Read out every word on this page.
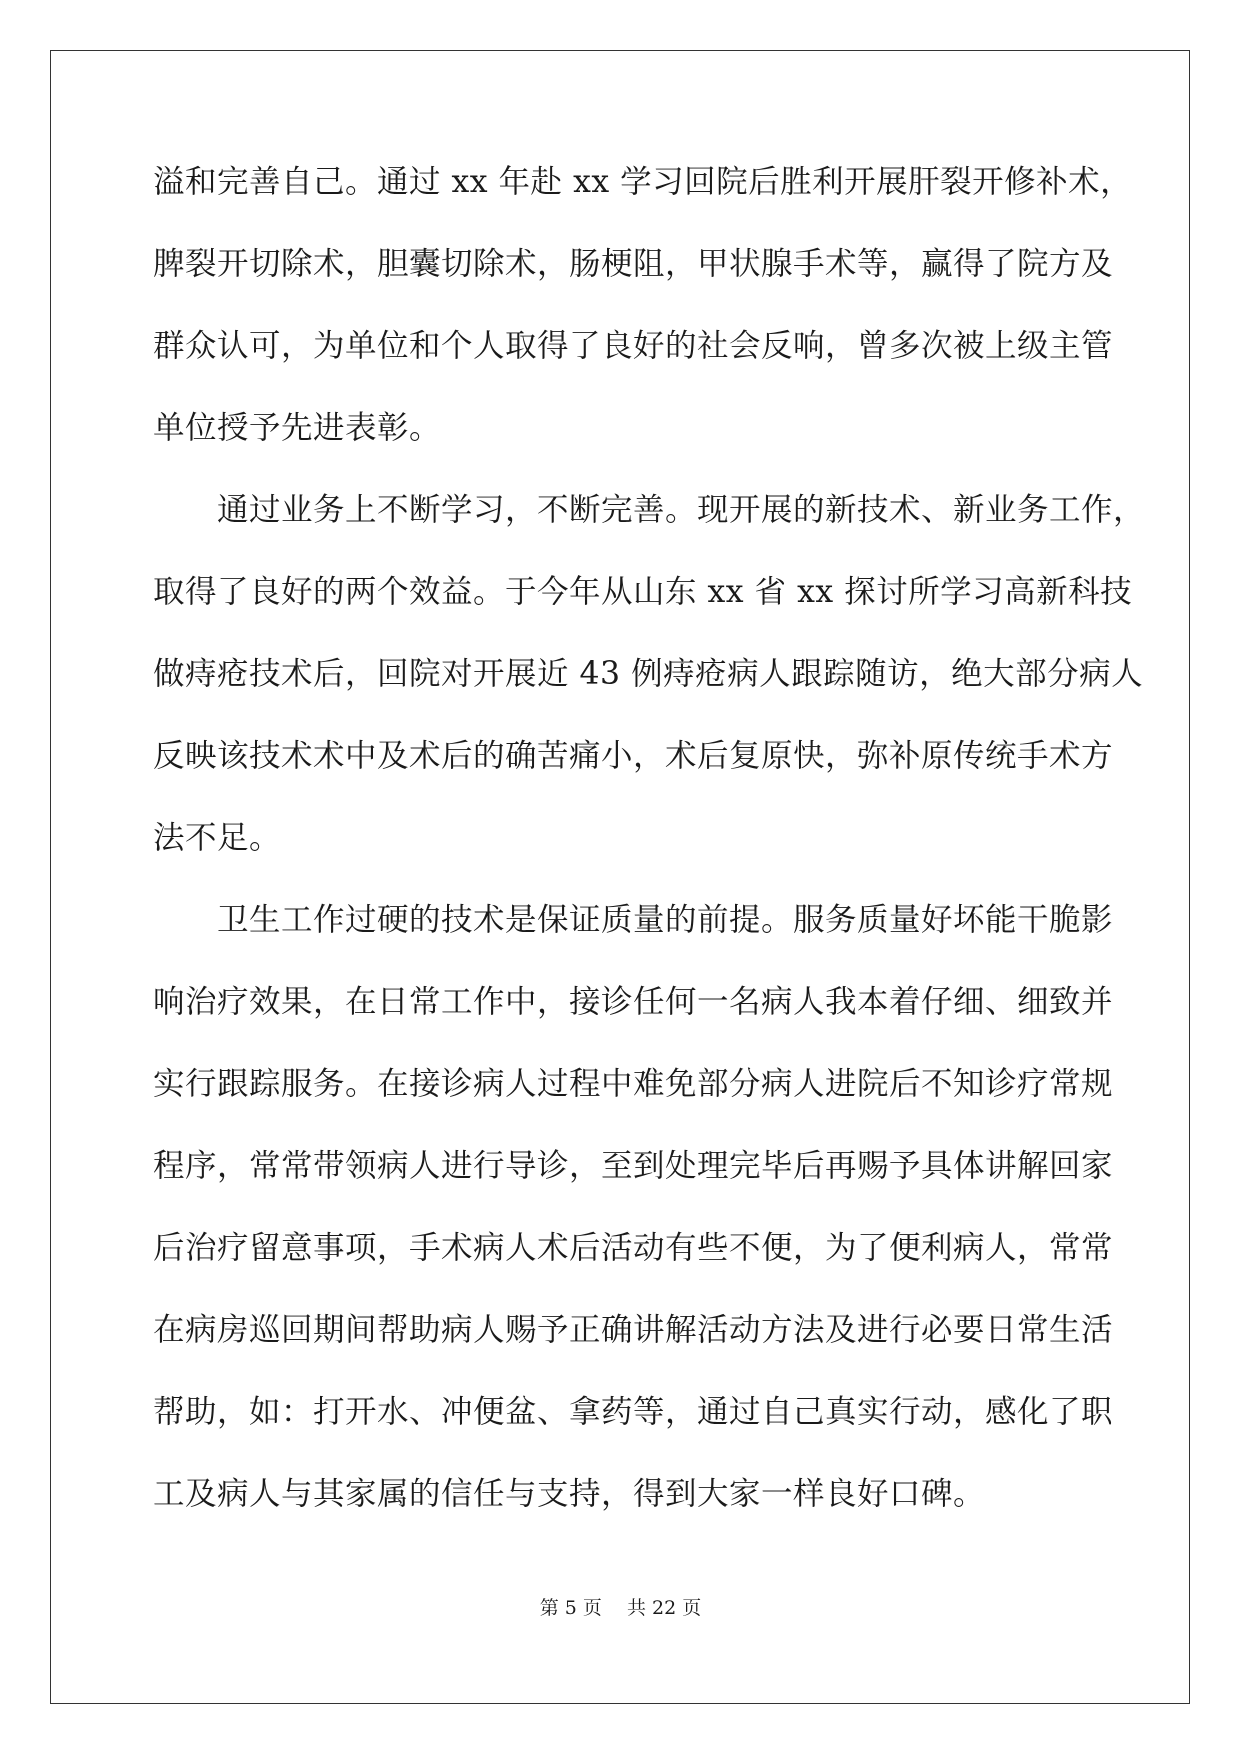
溢和完善自己。通过 xx 年赴 xx 学习回院后胜利开展肝裂开修补术，
脾裂开切除术，胆囊切除术，肠梗阻，甲状腺手术等，赢得了院方及
群众认可，为单位和个人取得了良好的社会反响，曾多次被上级主管
单位授予先进表彰。
　　通过业务上不断学习，不断完善。现开展的新技术、新业务工作，
取得了良好的两个效益。于今年从山东 xx 省 xx 探讨所学习高新科技
做痔疮技术后，回院对开展近 43 例痔疮病人跟踪随访，绝大部分病人
反映该技术术中及术后的确苦痛小，术后复原快，弥补原传统手术方
法不足。
　　卫生工作过硬的技术是保证质量的前提。服务质量好坏能干脆影
响治疗效果，在日常工作中，接诊任何一名病人我本着仔细、细致并
实行跟踪服务。在接诊病人过程中难免部分病人进院后不知诊疗常规
程序，常常带领病人进行导诊，至到处理完毕后再赐予具体讲解回家
后治疗留意事项，手术病人术后活动有些不便，为了便利病人，常常
在病房巡回期间帮助病人赐予正确讲解活动方法及进行必要日常生活
帮助，如：打开水、冲便盆、拿药等，通过自己真实行动，感化了职
工及病人与其家属的信任与支持，得到大家一样良好口碑。
第 5 页　 共 22 页
